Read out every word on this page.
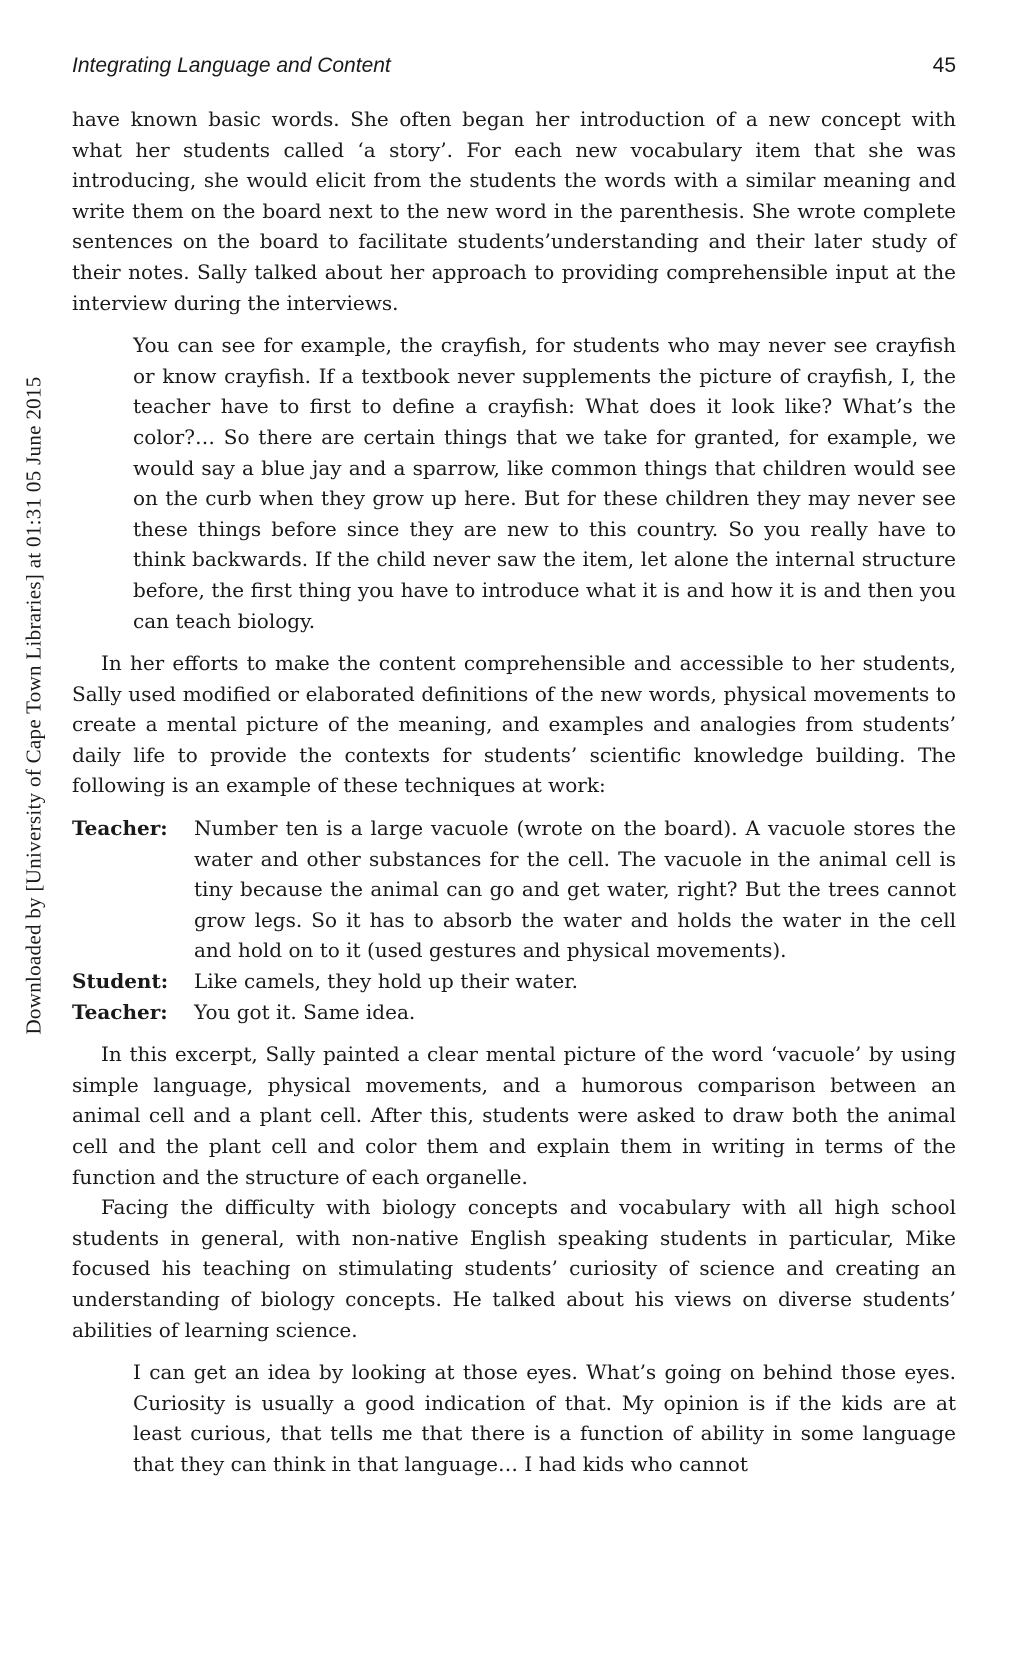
Downloaded by [University of Cape Town Libraries] at 01:31 05 June 2015
Integrating Language and Content	45

have known basic words. She often began her introduction of a new concept with what her students called ‘a story’. For each new vocabulary item that she was introducing, she would elicit from the students the words with a similar meaning and write them on the board next to the new word in the parenthesis. She wrote complete sentences on the board to facilitate students’understanding and their later study of their notes. Sally talked about her approach to providing comprehensible input at the interview during the interviews.

You can see for example, the crayfish, for students who may never see crayfish or know crayfish. If a textbook never supplements the picture of crayfish, I, the teacher have to first to define a crayfish: What does it look like? What’s the color?… So there are certain things that we take for granted, for example, we would say a blue jay and a sparrow, like common things that children would see on the curb when they grow up here. But for these children they may never see these things before since they are new to this country. So you really have to think backwards. If the child never saw the item, let alone the internal structure before, the first thing you have to introduce what it is and how it is and then you can teach biology.

In her efforts to make the content comprehensible and accessible to her students, Sally used modified or elaborated definitions of the new words, physical movements to create a mental picture of the meaning, and examples and analogies from students’ daily life to provide the contexts for students’ scientific knowledge building. The following is an example of these techniques at work:

Teacher:	Number ten is a large vacuole (wrote on the board). A vacuole stores the water and other substances for the cell. The vacuole in the animal cell is tiny because the animal can go and get water, right? But the trees cannot grow legs. So it has to absorb the water and holds the water in the cell and hold on to it (used gestures and physical movements).
Student:	Like camels, they hold up their water.
Teacher:	You got it. Same idea.

In this excerpt, Sally painted a clear mental picture of the word ‘vacuole’ by using simple language, physical movements, and a humorous comparison between an animal cell and a plant cell. After this, students were asked to draw both the animal cell and the plant cell and color them and explain them in writing in terms of the function and the structure of each organelle.

Facing the difficulty with biology concepts and vocabulary with all high school students in general, with non-native English speaking students in particular, Mike focused his teaching on stimulating students’ curiosity of science and creating an understanding of biology concepts. He talked about his views on diverse students’ abilities of learning science.

I can get an idea by looking at those eyes. What’s going on behind those eyes. Curiosity is usually a good indication of that. My opinion is if the kids are at least curious, that tells me that there is a function of ability in some language that they can think in that language… I had kids who cannot
